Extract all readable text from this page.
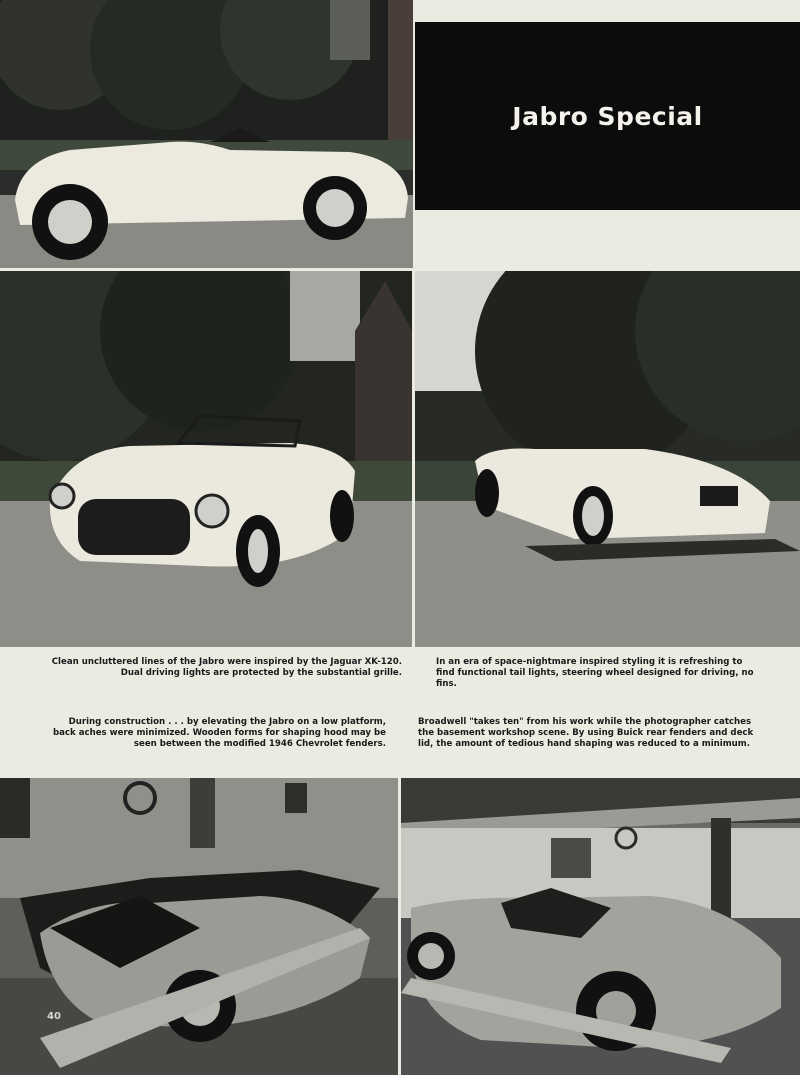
Jabro Special

Clean uncluttered lines of the Jabro were inspired by the Jaguar XK-120. Dual driving lights are protected by the substantial grille.

In an era of space-nightmare inspired styling it is refreshing to find functional tail lights, steering wheel designed for driving, no fins.

During construction . . . by elevating the Jabro on a low platform, back aches were minimized. Wooden forms for shaping hood may be seen between the modified 1946 Chevrolet fenders.

Broadwell "takes ten" from his work while the photographer catches the basement workshop scene. By using Buick rear fenders and deck lid, the amount of tedious hand shaping was reduced to a minimum.

40
